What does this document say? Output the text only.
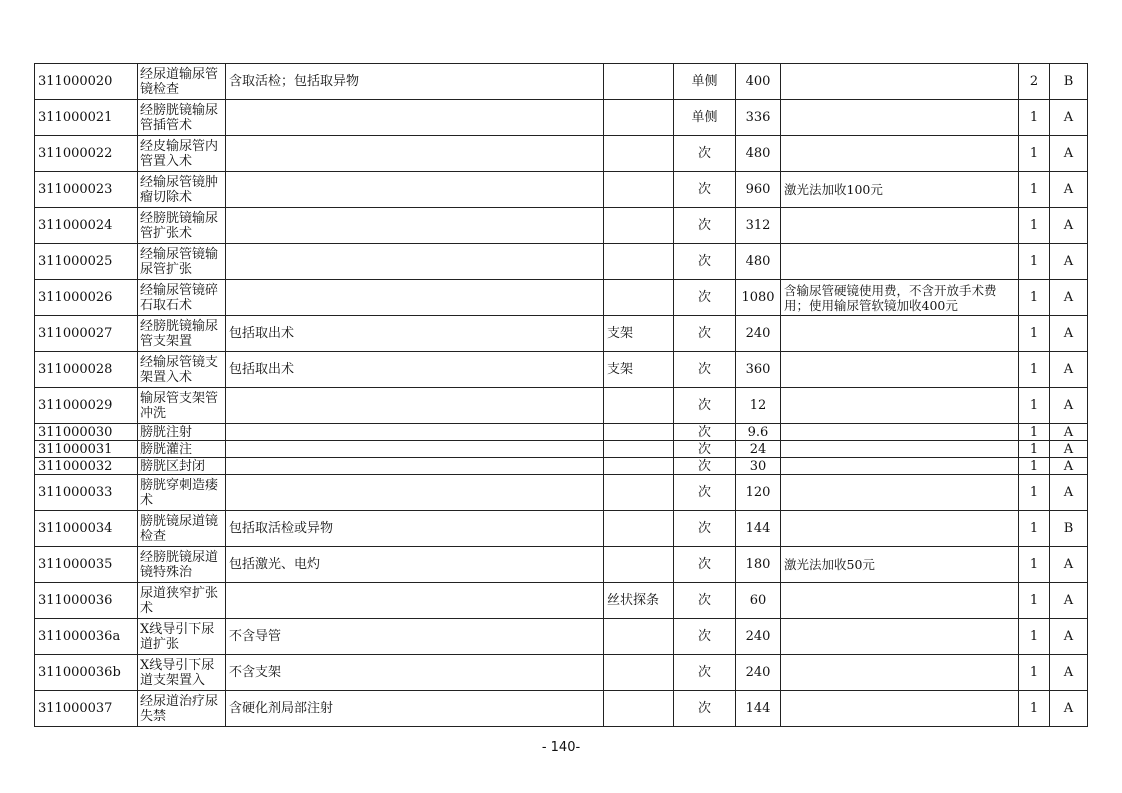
311000020	经尿道输尿管镜检查	含取活检；包括取异物		单侧	400		2	B
311000021	经膀胱镜输尿管插管术			单侧	336		1	A
311000022	经皮输尿管内管置入术			次	480		1	A
311000023	经输尿管镜肿瘤切除术			次	960	激光法加收100元	1	A
311000024	经膀胱镜输尿管扩张术			次	312		1	A
311000025	经输尿管镜输尿管扩张			次	480		1	A
311000026	经输尿管镜碎石取石术			次	1080	含输尿管硬镜使用费，不含开放手术费用；使用输尿管软镜加收400元	1	A
311000027	经膀胱镜输尿管支架置	包括取出术	支架	次	240		1	A
311000028	经输尿管镜支架置入术	包括取出术	支架	次	360		1	A
311000029	输尿管支架管冲洗			次	12		1	A
311000030	膀胱注射			次	9.6		1	A
311000031	膀胱灌注			次	24		1	A
311000032	膀胱区封闭			次	30		1	A
311000033	膀胱穿刺造瘘术			次	120		1	A
311000034	膀胱镜尿道镜检查	包括取活检或异物		次	144		1	B
311000035	经膀胱镜尿道镜特殊治	包括激光、电灼		次	180	激光法加收50元	1	A
311000036	尿道狭窄扩张术		丝状探条	次	60		1	A
311000036a	X线导引下尿道扩张	不含导管		次	240		1	A
311000036b	X线导引下尿道支架置入	不含支架		次	240		1	A
311000037	经尿道治疗尿失禁	含硬化剂局部注射		次	144		1	A
- 140-
